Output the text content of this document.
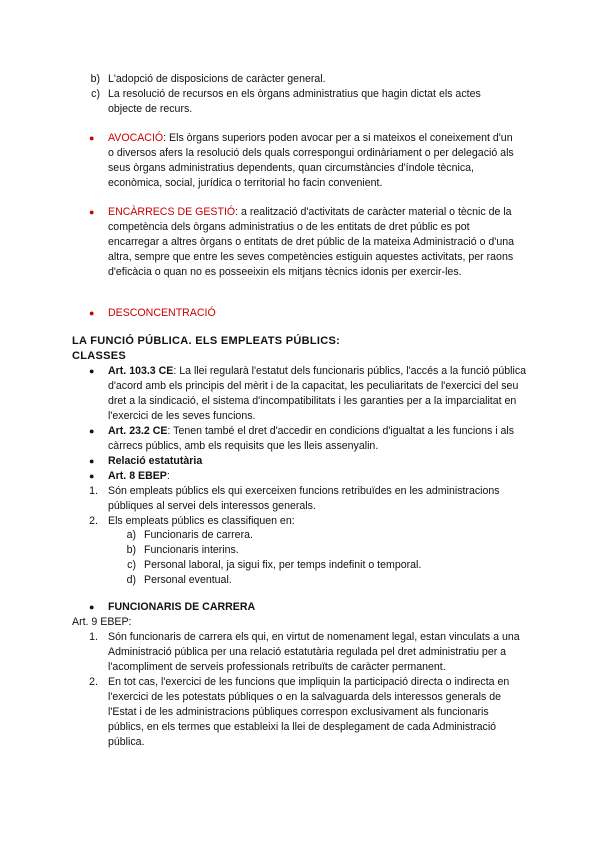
b) L'adopció de disposicions de caràcter general.
c) La resolució de recursos en els òrgans administratius que hagin dictat els actes objecte de recurs.
● AVOCACIÓ: Els òrgans superiors poden avocar per a si mateixos el coneixement d'un o diversos afers la resolució dels quals correspongui ordinàriament o per delegació als seus òrgans administratius dependents, quan circumstàncies d'índole tècnica, econòmica, social, jurídica o territorial ho facin convenient.
● ENCÀRRECS DE GESTIÓ: a realització d'activitats de caràcter material o tècnic de la competència dels òrgans administratius o de les entitats de dret públic es pot encarregar a altres òrgans o entitats de dret públic de la mateixa Administració o d'una altra, sempre que entre les seves competències estiguin aquestes activitats, per raons d'eficàcia o quan no es posseeixin els mitjans tècnics idonis per exercir-les.
● DESCONCENTRACIÓ
LA FUNCIÓ PÚBLICA. ELS EMPLEATS PÚBLICS:
CLASSES
● Art. 103.3 CE: La llei regularà l'estatut dels funcionaris públics, l'accés a la funció pública d'acord amb els principis del mèrit i de la capacitat, les peculiaritats de l'exercici del seu dret a la sindicació, el sistema d'incompatibilitats i les garanties per a la imparcialitat en l'exercici de les seves funcions.
● Art. 23.2 CE: Tenen també el dret d'accedir en condicions d'igualtat a les funcions i als càrrecs públics, amb els requisits que les lleis assenyalin.
● Relació estatutària
● Art. 8 EBEP:
1. Són empleats públics els qui exerceixen funcions retribuïdes en les administracions públiques al servei dels interessos generals.
2. Els empleats públics es classifiquen en:
a) Funcionaris de carrera.
b) Funcionaris interins.
c) Personal laboral, ja sigui fix, per temps indefinit o temporal.
d) Personal eventual.
● FUNCIONARIS DE CARRERA
Art. 9 EBEP:
1. Són funcionaris de carrera els qui, en virtut de nomenament legal, estan vinculats a una Administració pública per una relació estatutària regulada pel dret administratiu per a l'acompliment de serveis professionals retribuïts de caràcter permanent.
2. En tot cas, l'exercici de les funcions que impliquin la participació directa o indirecta en l'exercici de les potestats públiques o en la salvaguarda dels interessos generals de l'Estat i de les administracions públiques correspon exclusivament als funcionaris públics, en els termes que estableixi la llei de desplegament de cada Administració pública.
